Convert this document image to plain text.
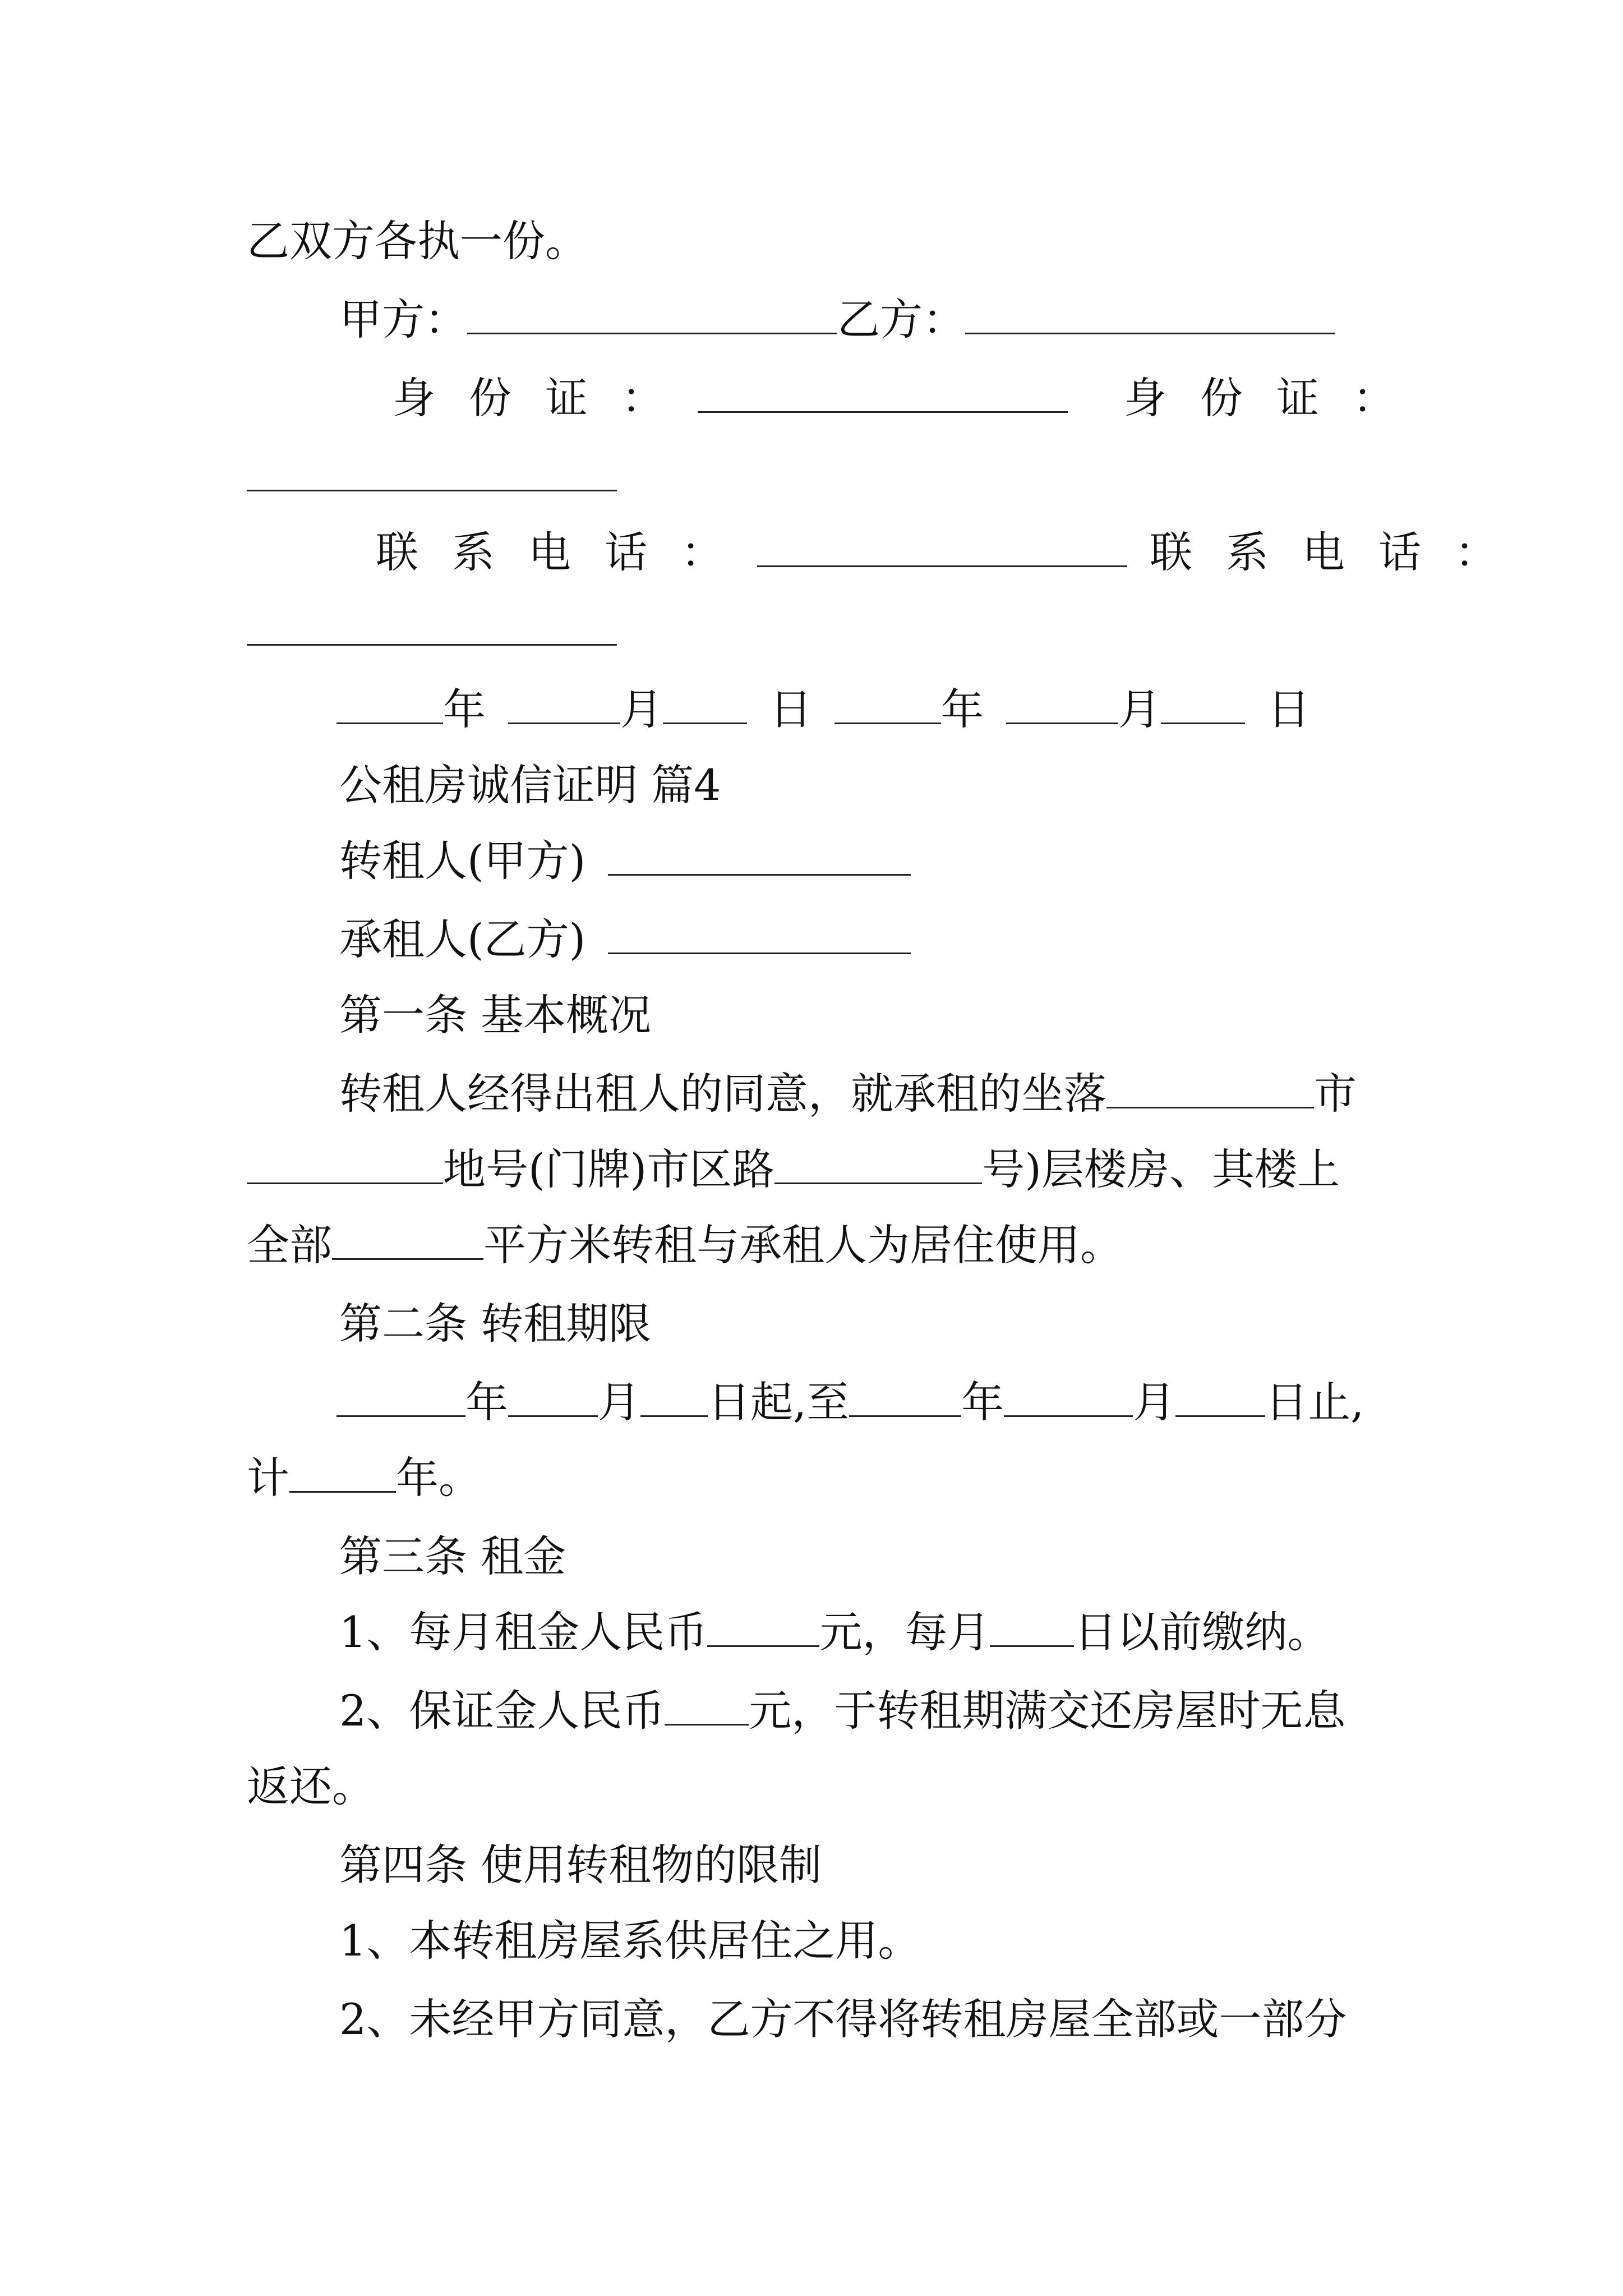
乙双方各执一份。
甲方：	乙方：
身份证：	身份证：
联系电话：	联系电话：
年	月	日	年	月	日
公租房诚信证明 篇4
转租人(甲方)
承租人(乙方)
第一条 基本概况
转租人经得出租人的同意，就承租的坐落	市
地号(门牌)市区路	号)层楼房、其楼上
全部	平方米转租与承租人为居住使用。
第二条 转租期限
年 月 日起,至	年	月 日止,
计	年。
第三条 租金
1、每月租金人民币	元，每月 日以前缴纳。
2、保证金人民币 元，于转租期满交还房屋时无息
返还。
第四条 使用转租物的限制
1、本转租房屋系供居住之用。
2、未经甲方同意，乙方不得将转租房屋全部或一部分
